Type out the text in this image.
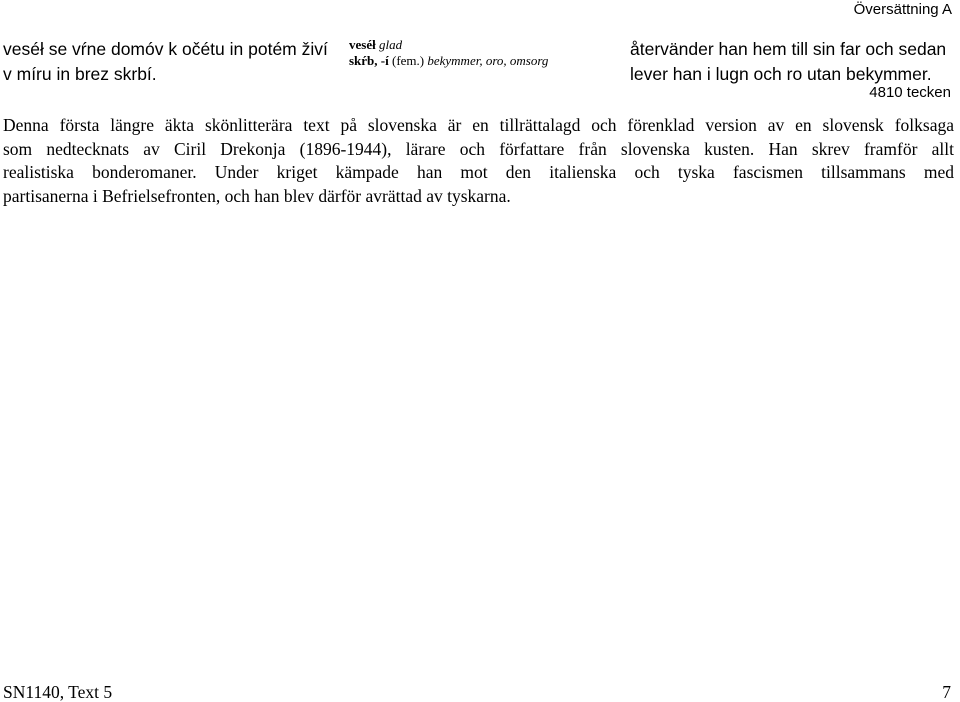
Översättning A
veséł se vŕne domóv k očétu in potém živí
v míru in brez skrbí.
veséł glad
skŕb, -í (fem.) bekymmer, oro, omsorg
återvänder han hem till sin far och sedan
lever han i lugn och ro utan bekymmer.
4810 tecken
Denna första längre äkta skönlitterära text på slovenska är en tillrättalagd och förenklad version av en slovensk folksaga
som nedtecknats av Ciril Drekonja (1896-1944), lärare och författare från slovenska kusten. Han skrev framför allt
realistiska bonderomaner. Under kriget kämpade han mot den italienska och tyska fascismen tillsammans med
partisanerna i Befrielsefronten, och han blev därför avrättad av tyskarna.
SN1140, Text 5	7
